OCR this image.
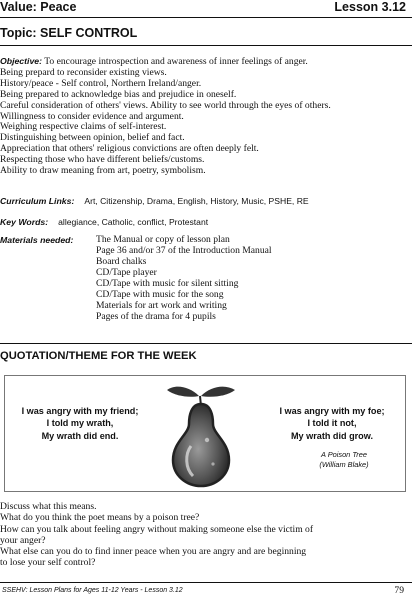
Value: Peace	Lesson 3.12
Topic: SELF CONTROL
Objective: To encourage introspection and awareness of inner feelings of anger.
Being prepard to reconsider existing views.
History/peace - Self control, Northern Ireland/anger.
Being prepared to acknowledge bias and prejudice in oneself.
Careful consideration of others' views. Ability to see world through the eyes of others.
Willingness to consider evidence and argument.
Weighing respective claims of self-interest.
Distinguishing between opinion, belief and fact.
Appreciation that others' religious convictions are often deeply felt.
Respecting those who have different beliefs/customs.
Ability to draw meaning from art, poetry, symbolism.
Curriculum Links: Art, Citizenship, Drama, English, History, Music, PSHE, RE
Key Words: allegiance, Catholic, conflict, Protestant
Materials needed: The Manual or copy of lesson plan
Page 36 and/or 37 of the Introduction Manual
Board chalks
CD/Tape player
CD/Tape with music for silent sitting
CD/Tape with music for the song
Materials for art work and writing
Pages of the drama for 4 pupils
QUOTATION/THEME FOR THE WEEK
I was angry with my friend;
I told my wrath,
My wrath did end.
I was angry with my foe;
I told it not,
My wrath did grow.
A Poison Tree
(William Blake)
Discuss what this means.
What do you think the poet means by a poison tree?
How can you talk about feeling angry without making someone else the victim of
your anger?
What else can you do to find inner peace when you are angry and are beginning
to lose your self control?
SSEHV: Lesson Plans for Ages 11-12 Years - Lesson 3.12	79
